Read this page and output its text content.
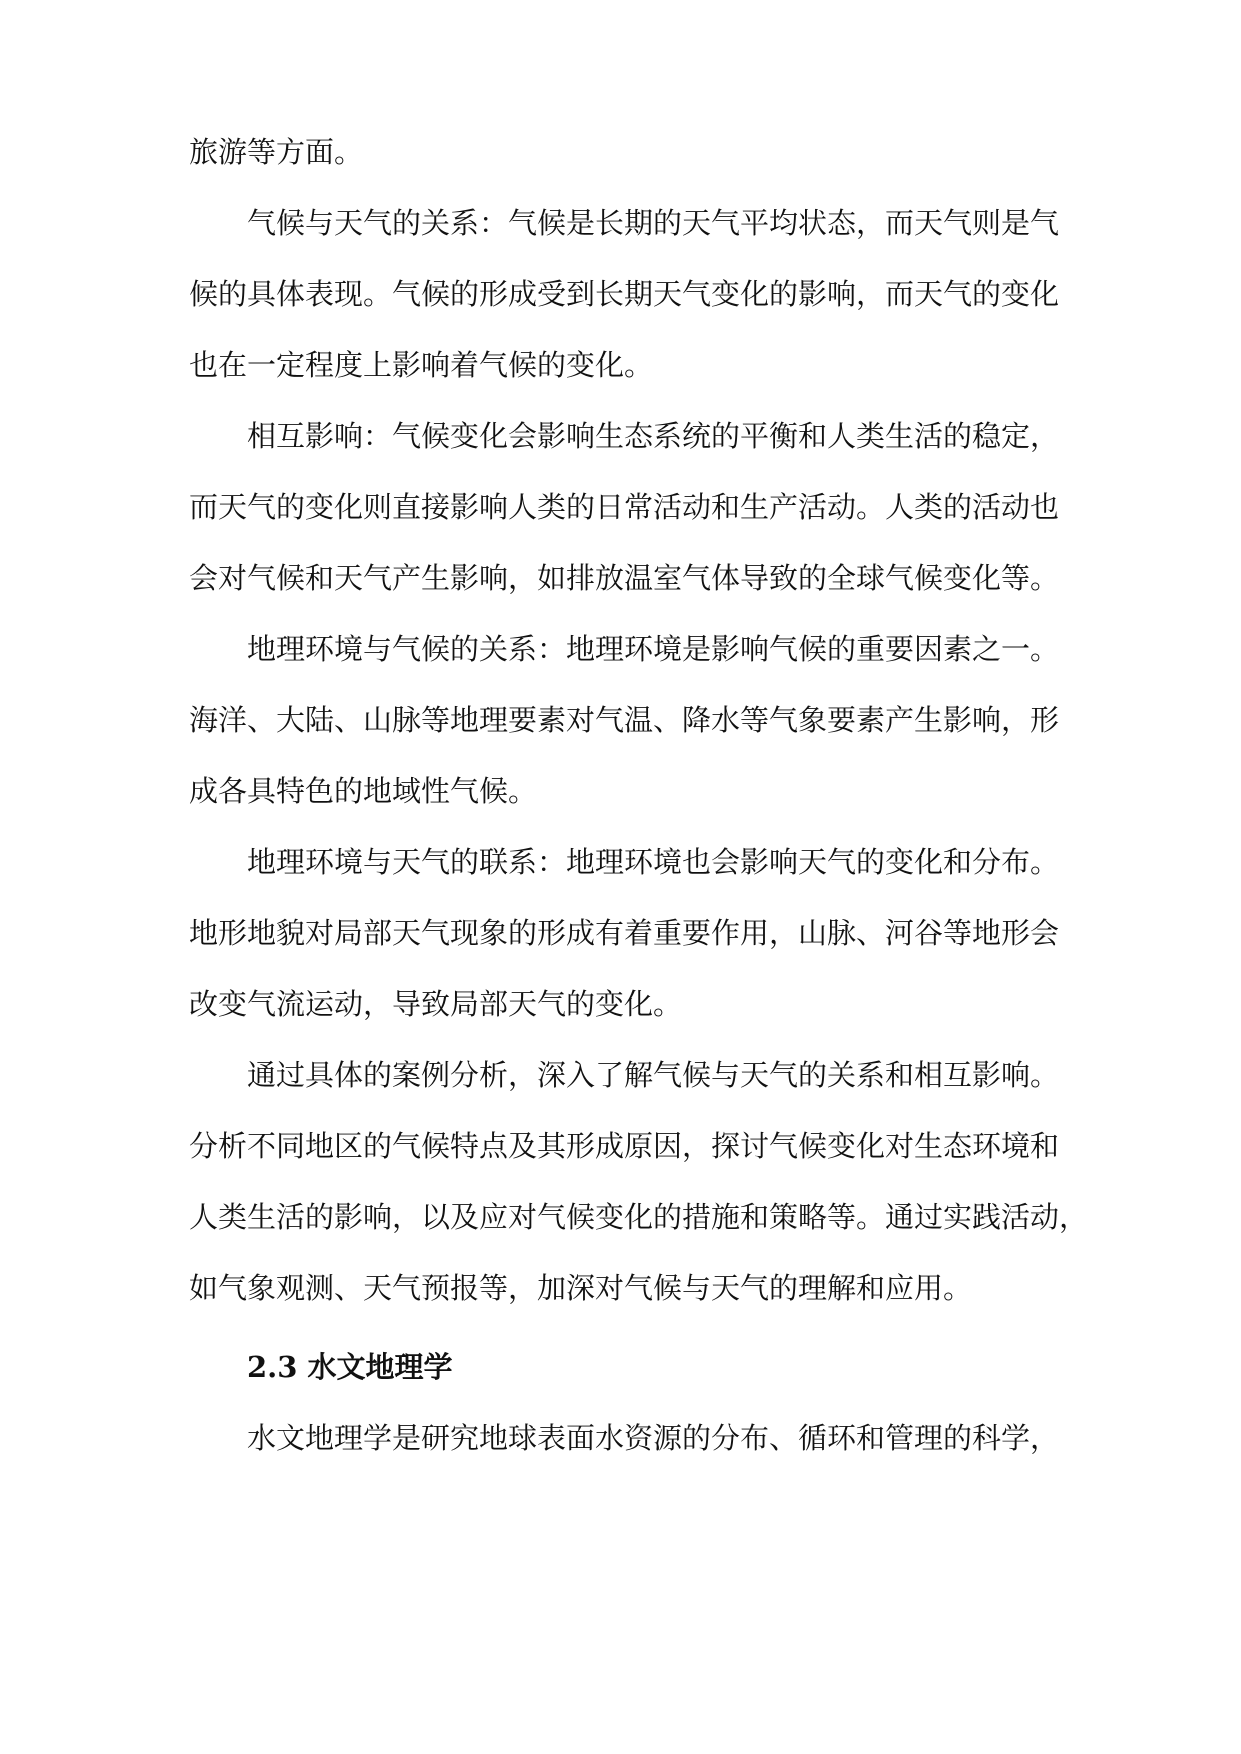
旅游等方面。
气候与天气的关系：气候是长期的天气平均状态，而天气则是气
候的具体表现。气候的形成受到长期天气变化的影响，而天气的变化
也在一定程度上影响着气候的变化。
相互影响：气候变化会影响生态系统的平衡和人类生活的稳定，
而天气的变化则直接影响人类的日常活动和生产活动。人类的活动也
会对气候和天气产生影响，如排放温室气体导致的全球气候变化等。
地理环境与气候的关系：地理环境是影响气候的重要因素之一。
海洋、大陆、山脉等地理要素对气温、降水等气象要素产生影响，形
成各具特色的地域性气候。
地理环境与天气的联系：地理环境也会影响天气的变化和分布。
地形地貌对局部天气现象的形成有着重要作用，山脉、河谷等地形会
改变气流运动，导致局部天气的变化。
通过具体的案例分析，深入了解气候与天气的关系和相互影响。
分析不同地区的气候特点及其形成原因，探讨气候变化对生态环境和
人类生活的影响，以及应对气候变化的措施和策略等。通过实践活动，
如气象观测、天气预报等，加深对气候与天气的理解和应用。
2.3 水文地理学
水文地理学是研究地球表面水资源的分布、循环和管理的科学，
